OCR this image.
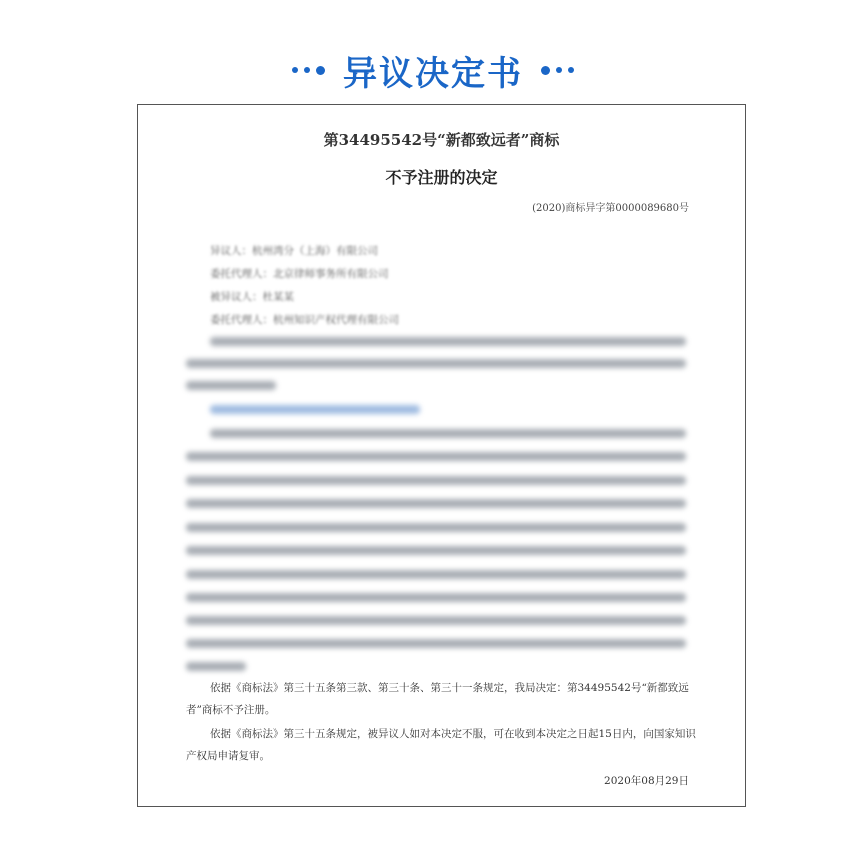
异议决定书
第34495542号“新都致远者”商标
不予注册的决定
(2020)商标异字第0000089680号
异议人：杭州湾分（上海）有限公司
委托代理人：北京律师事务所有限公司
被异议人：杜某某
委托代理人：杭州知识产权代理有限公司
依据《商标法》第三十五条第三款、第三十条、第三十一条规定，我局决定：第34495542号“新都致远者”商标不予注册。
依据《商标法》第三十五条规定，被异议人如对本决定不服，可在收到本决定之日起15日内，向国家知识产权局申请复审。
2020年08月29日
